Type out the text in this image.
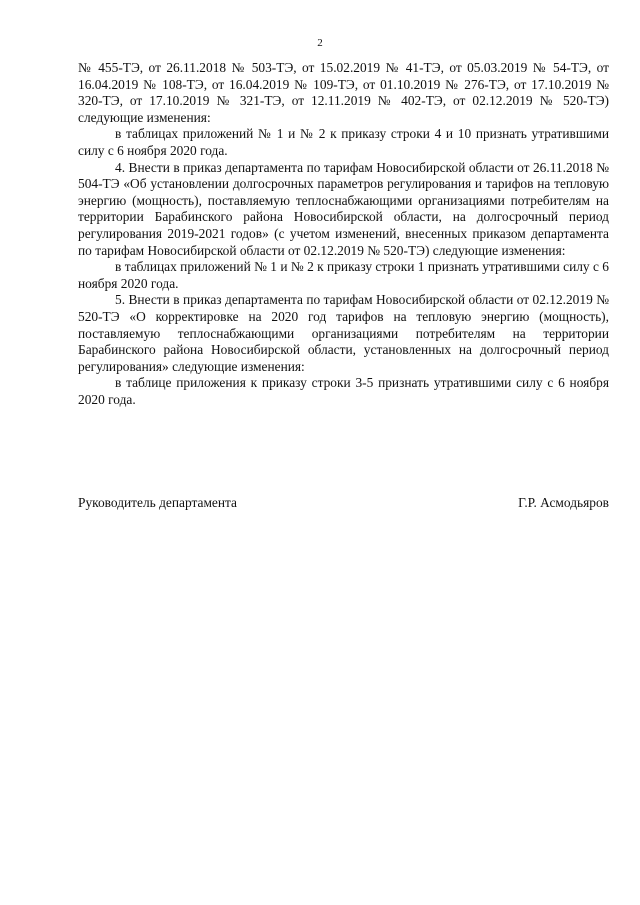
2

№ 455-ТЭ, от 26.11.2018 № 503-ТЭ, от 15.02.2019 № 41-ТЭ, от 05.03.2019 № 54-ТЭ, от 16.04.2019 № 108-ТЭ, от 16.04.2019 № 109-ТЭ, от 01.10.2019 № 276-ТЭ, от 17.10.2019 № 320-ТЭ, от 17.10.2019 № 321-ТЭ, от 12.11.2019 № 402-ТЭ, от 02.12.2019 № 520-ТЭ) следующие изменения:

в таблицах приложений № 1 и № 2 к приказу строки 4 и 10 признать утратившими силу с 6 ноября 2020 года.

4. Внести в приказ департамента по тарифам Новосибирской области от 26.11.2018 № 504-ТЭ «Об установлении долгосрочных параметров регулирования и тарифов на тепловую энергию (мощность), поставляемую теплоснабжающими организациями потребителям на территории Барабинского района Новосибирской области, на долгосрочный период регулирования 2019-2021 годов» (с учетом изменений, внесенных приказом департамента по тарифам Новосибирской области от 02.12.2019 № 520-ТЭ) следующие изменения:

в таблицах приложений № 1 и № 2 к приказу строки 1 признать утратившими силу с 6 ноября 2020 года.

5. Внести в приказ департамента по тарифам Новосибирской области от 02.12.2019 № 520-ТЭ «О корректировке на 2020 год тарифов на тепловую энергию (мощность), поставляемую теплоснабжающими организациями потребителям на территории Барабинского района Новосибирской области, установленных на долгосрочный период регулирования» следующие изменения:

в таблице приложения к приказу строки 3-5 признать утратившими силу с 6 ноября 2020 года.

Руководитель департамента	Г.Р. Асмодьяров
